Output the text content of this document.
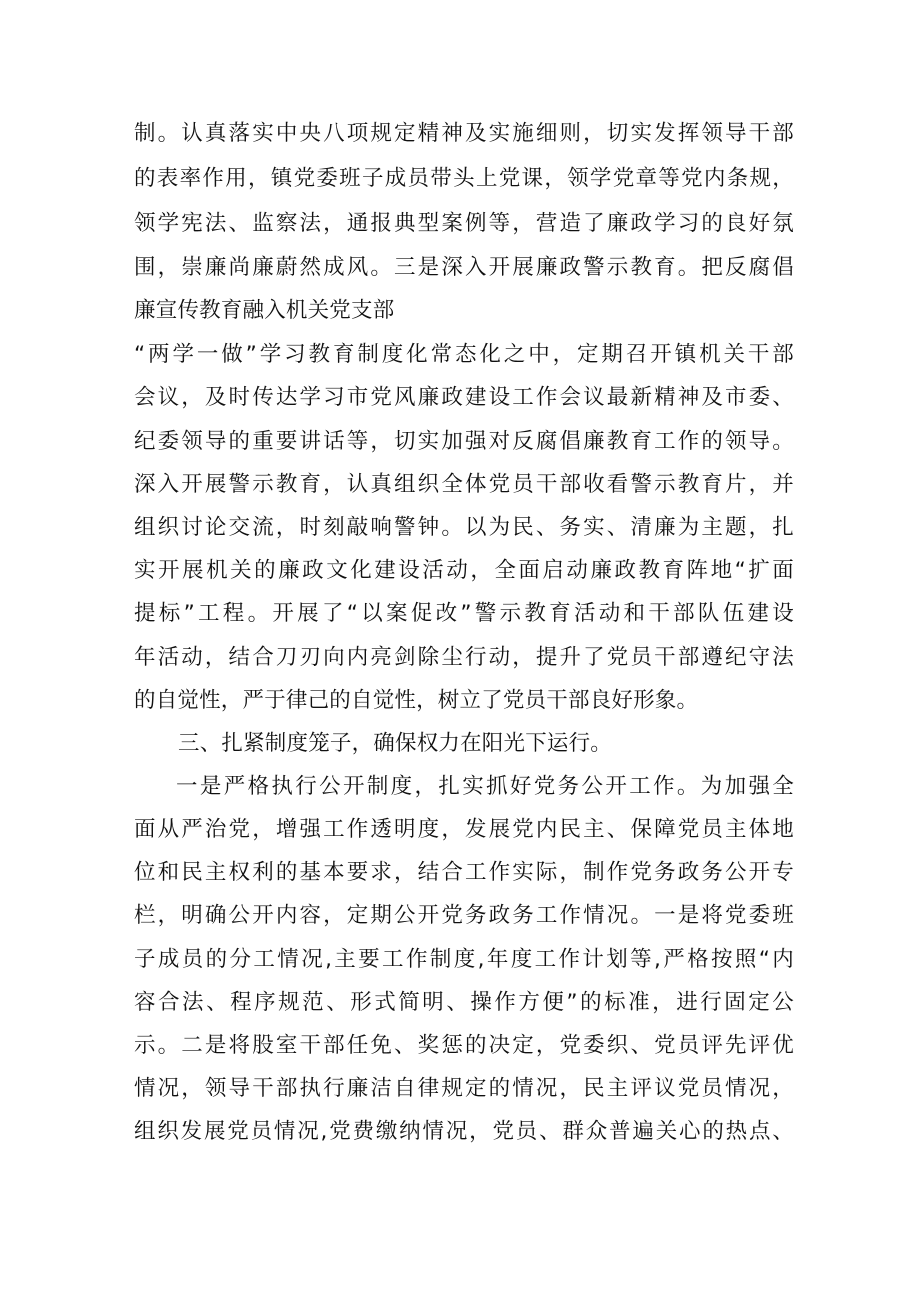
制。认真落实中央八项规定精神及实施细则，切实发挥领导干部
的表率作用，镇党委班子成员带头上党课，领学党章等党内条规，
领学宪法、监察法，通报典型案例等，营造了廉政学习的良好氛
围，崇廉尚廉蔚然成风。三是深入开展廉政警示教育。把反腐倡
廉宣传教育融入机关党支部
“两学一做”学习教育制度化常态化之中，定期召开镇机关干部
会议，及时传达学习市党风廉政建设工作会议最新精神及市委、
纪委领导的重要讲话等，切实加强对反腐倡廉教育工作的领导。
深入开展警示教育，认真组织全体党员干部收看警示教育片，并
组织讨论交流，时刻敲响警钟。以为民、务实、清廉为主题，扎
实开展机关的廉政文化建设活动，全面启动廉政教育阵地“扩面
提标”工程。开展了“以案促改”警示教育活动和干部队伍建设
年活动，结合刀刃向内亮剑除尘行动，提升了党员干部遵纪守法
的自觉性，严于律己的自觉性，树立了党员干部良好形象。
三、扎紧制度笼子，确保权力在阳光下运行。
一是严格执行公开制度，扎实抓好党务公开工作。为加强全
面从严治党，增强工作透明度，发展党内民主、保障党员主体地
位和民主权利的基本要求，结合工作实际，制作党务政务公开专
栏，明确公开内容，定期公开党务政务工作情况。一是将党委班
子成员的分工情况,主要工作制度,年度工作计划等,严格按照“内
容合法、程序规范、形式简明、操作方便”的标准，进行固定公
示。二是将股室干部任免、奖惩的决定，党委织、党员评先评优
情况，领导干部执行廉洁自律规定的情况，民主评议党员情况，
组织发展党员情况,党费缴纳情况，党员、群众普遍关心的热点、
